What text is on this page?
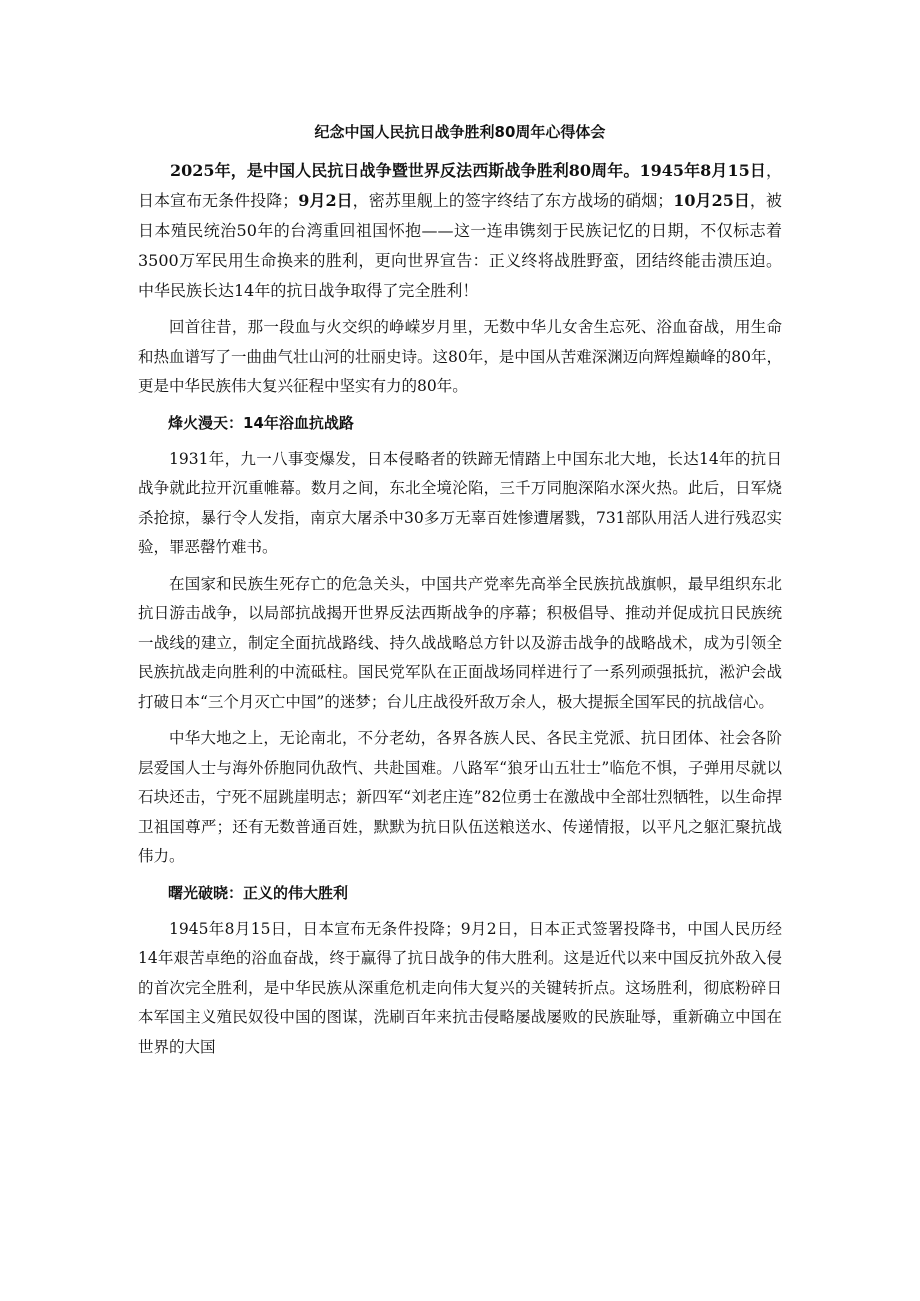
纪念中国人民抗日战争胜利80周年心得体会

2025年，是中国人民抗日战争暨世界反法西斯战争胜利80周年。1945年8月15日，日本宣布无条件投降；9月2日，密苏里舰上的签字终结了东方战场的硝烟；10月25日，被日本殖民统治50年的台湾重回祖国怀抱——这一连串镌刻于民族记忆的日期，不仅标志着3500万军民用生命换来的胜利，更向世界宣告：正义终将战胜野蛮，团结终能击溃压迫。中华民族长达14年的抗日战争取得了完全胜利！

回首往昔，那一段血与火交织的峥嵘岁月里，无数中华儿女舍生忘死、浴血奋战，用生命和热血谱写了一曲曲气壮山河的壮丽史诗。这80年，是中国从苦难深渊迈向辉煌巅峰的80年，更是中华民族伟大复兴征程中坚实有力的80年。

烽火漫天：14年浴血抗战路

1931年，九一八事变爆发，日本侵略者的铁蹄无情踏上中国东北大地，长达14年的抗日战争就此拉开沉重帷幕。数月之间，东北全境沦陷，三千万同胞深陷水深火热。此后，日军烧杀抢掠，暴行令人发指，南京大屠杀中30多万无辜百姓惨遭屠戮，731部队用活人进行残忍实验，罪恶罄竹难书。

在国家和民族生死存亡的危急关头，中国共产党率先高举全民族抗战旗帜，最早组织东北抗日游击战争，以局部抗战揭开世界反法西斯战争的序幕；积极倡导、推动并促成抗日民族统一战线的建立，制定全面抗战路线、持久战战略总方针以及游击战争的战略战术，成为引领全民族抗战走向胜利的中流砥柱。国民党军队在正面战场同样进行了一系列顽强抵抗，淞沪会战打破日本“三个月灭亡中国”的迷梦；台儿庄战役歼敌万余人，极大提振全国军民的抗战信心。

中华大地之上，无论南北，不分老幼，各界各族人民、各民主党派、抗日团体、社会各阶层爱国人士与海外侨胞同仇敌忾、共赴国难。八路军“狼牙山五壮士”临危不惧，子弹用尽就以石块还击，宁死不屈跳崖明志；新四军“刘老庄连”82位勇士在激战中全部壮烈牺牲，以生命捍卫祖国尊严；还有无数普通百姓，默默为抗日队伍送粮送水、传递情报，以平凡之躯汇聚抗战伟力。

曙光破晓：正义的伟大胜利

1945年8月15日，日本宣布无条件投降；9月2日，日本正式签署投降书，中国人民历经14年艰苦卓绝的浴血奋战，终于赢得了抗日战争的伟大胜利。这是近代以来中国反抗外敌入侵的首次完全胜利，是中华民族从深重危机走向伟大复兴的关键转折点。这场胜利，彻底粉碎日本军国主义殖民奴役中国的图谋，洗刷百年来抗击侵略屡战屡败的民族耻辱，重新确立中国在世界的大国
